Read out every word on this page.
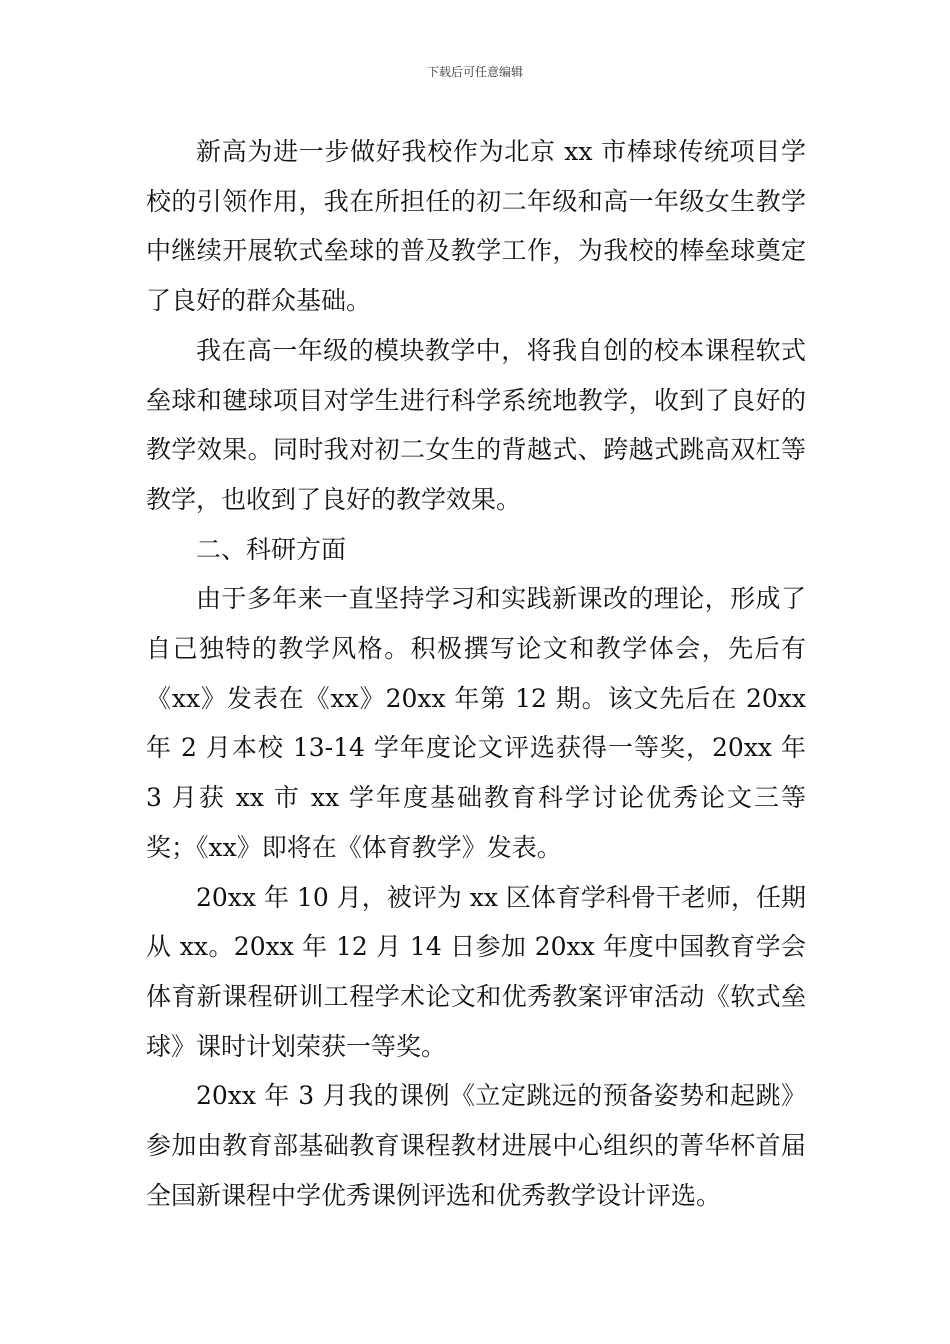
下载后可任意编辑

新高为进一步做好我校作为北京 xx 市棒球传统项目学校的引领作用，我在所担任的初二年级和高一年级女生教学中继续开展软式垒球的普及教学工作，为我校的棒垒球奠定了良好的群众基础。

我在高一年级的模块教学中，将我自创的校本课程软式垒球和毽球项目对学生进行科学系统地教学，收到了良好的教学效果。同时我对初二女生的背越式、跨越式跳高双杠等教学，也收到了良好的教学效果。

二、科研方面

由于多年来一直坚持学习和实践新课改的理论，形成了自己独特的教学风格。积极撰写论文和教学体会，先后有《xx》发表在《xx》20xx 年第 12 期。该文先后在 20xx 年 2 月本校 13-14 学年度论文评选获得一等奖，20xx 年 3 月获 xx 市 xx 学年度基础教育科学讨论优秀论文三等奖；《xx》即将在《体育教学》发表。

20xx 年 10 月，被评为 xx 区体育学科骨干老师，任期从 xx。20xx 年 12 月 14 日参加 20xx 年度中国教育学会体育新课程研训工程学术论文和优秀教案评审活动《软式垒球》课时计划荣获一等奖。

20xx 年 3 月我的课例《立定跳远的预备姿势和起跳》参加由教育部基础教育课程教材进展中心组织的菁华杯首届全国新课程中学优秀课例评选和优秀教学设计评选。
